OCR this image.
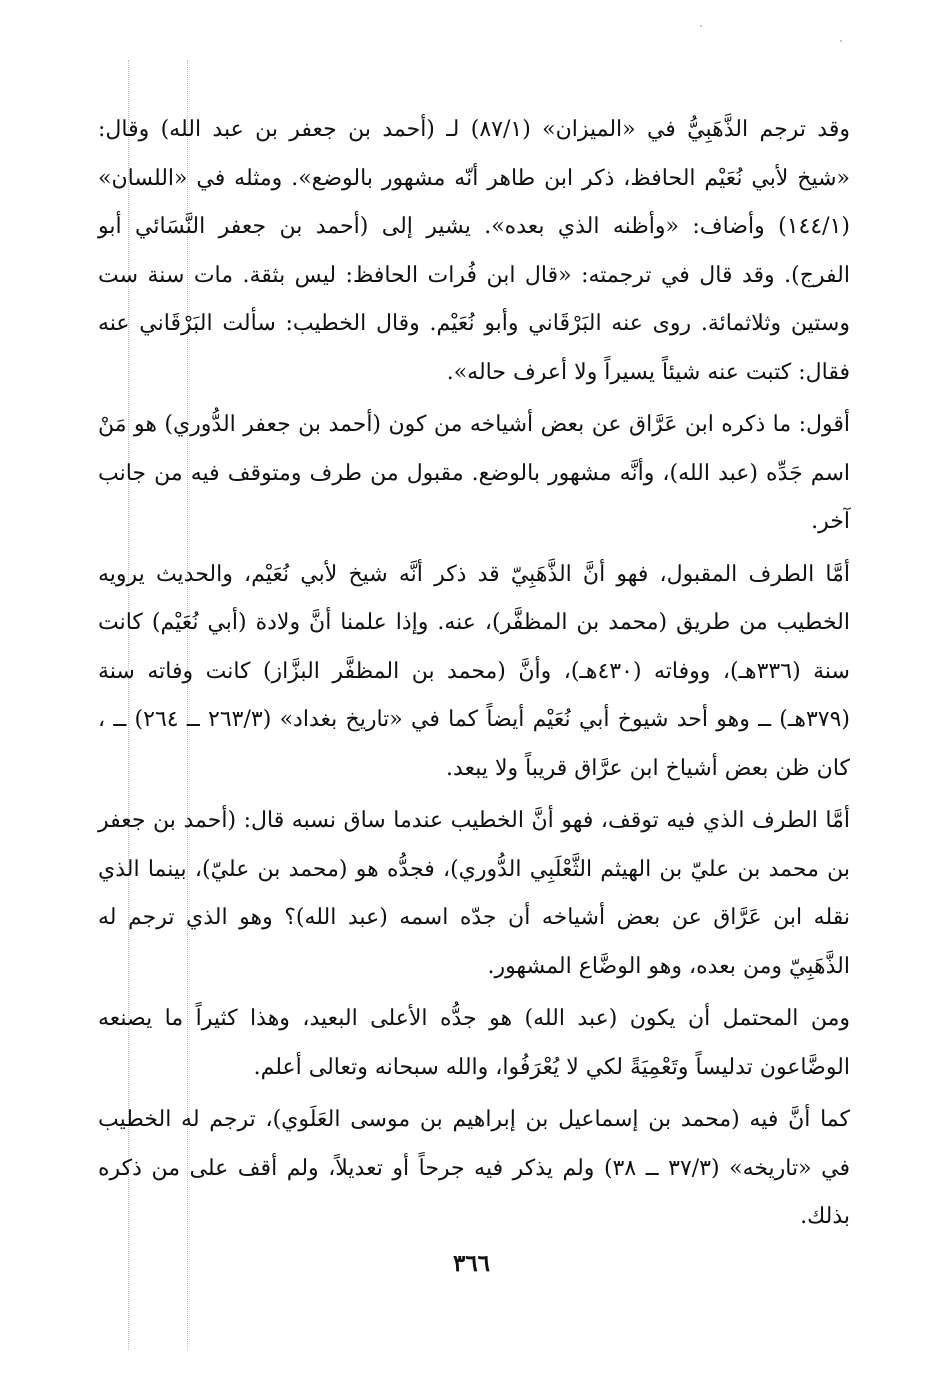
وقد ترجم الذَّهَبِيُّ في «الميزان» (٨٧/١) لـ (أحمد بن جعفر بن عبد الله) وقال: «شيخ لأبي نُعَيْم الحافظ، ذكر ابن طاهر أنّه مشهور بالوضع». ومثله في «اللسان» (١٤٤/١) وأضاف: «وأظنه الذي بعده». يشير إلى (أحمد بن جعفر النَّسَائي أبو الفرج). وقد قال في ترجمته: «قال ابن فُرات الحافظ: ليس بثقة. مات سنة ست وستين وثلاثمائة. روى عنه البَرْقَاني وأبو نُعَيْم. وقال الخطيب: سألت البَرْقَاني عنه فقال: كتبت عنه شيئاً يسيراً ولا أعرف حاله».

أقول: ما ذكره ابن عَرَّاق عن بعض أشياخه من كون (أحمد بن جعفر الدُّوري) هو مَنْ اسم جَدِّه (عبد الله)، وأنَّه مشهور بالوضع. مقبول من طرف ومتوقف فيه من جانب آخر.

أمَّا الطرف المقبول، فهو أنَّ الذَّهَبِيّ قد ذكر أنَّه شيخ لأبي نُعَيْم، والحديث يرويه الخطيب من طريق (محمد بن المظفَّر)، عنه. وإذا علمنا أنَّ ولادة (أبي نُعَيْم) كانت سنة (٣٣٦هـ)، ووفاته (٤٣٠هـ)، وأنَّ (محمد بن المظفَّر البزَّاز) كانت وفاته سنة (٣٧٩هـ) ــ وهو أحد شيوخ أبي نُعَيْم أيضاً كما في «تاريخ بغداد» (٢٦٣/٣ ــ ٢٦٤) ــ ، كان ظن بعض أشياخ ابن عرَّاق قريباً ولا يبعد.

أمَّا الطرف الذي فيه توقف، فهو أنَّ الخطيب عندما ساق نسبه قال: (أحمد بن جعفر بن محمد بن عليّ بن الهيثم الثَّعْلَبِي الدُّوري)، فجدُّه هو (محمد بن عليّ)، بينما الذي نقله ابن عَرَّاق عن بعض أشياخه أن جدّه اسمه (عبد الله)؟ وهو الذي ترجم له الذَّهَبِيّ ومن بعده، وهو الوضَّاع المشهور.

ومن المحتمل أن يكون (عبد الله) هو جدُّه الأعلى البعيد، وهذا كثيراً ما يصنعه الوضَّاعون تدليساً وتَعْمِيَةً لكي لا يُعْرَفُوا، والله سبحانه وتعالى أعلم.

كما أنَّ فيه (محمد بن إسماعيل بن إبراهيم بن موسى العَلَوي)، ترجم له الخطيب في «تاريخه» (٣٧/٣ ــ ٣٨) ولم يذكر فيه جرحاً أو تعديلاً، ولم أقف على من ذكره بذلك.

٣٦٦
